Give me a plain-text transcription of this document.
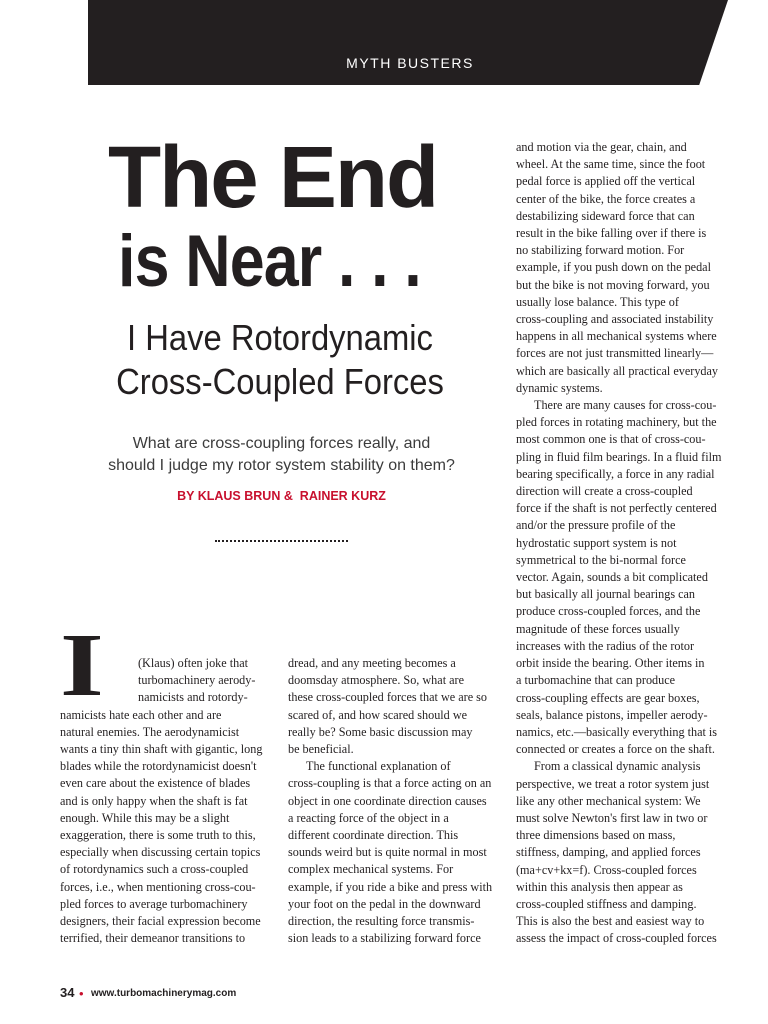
MYTH BUSTERS
The End
is Near . . .
I Have Rotordynamic
Cross-Coupled Forces
What are cross-coupling forces really, and
should I judge my rotor system stability on them?
BY KLAUS BRUN &  RAINER KURZ
I	(Klaus) often joke that
turbomachinery aerody-
namicists and rotordy-
namicists hate each other and are
natural enemies. The aerodynamicist
wants a tiny thin shaft with gigantic, long
blades while the rotordynamicist doesn't
even care about the existence of blades
and is only happy when the shaft is fat
enough. While this may be a slight
exaggeration, there is some truth to this,
especially when discussing certain topics
of rotordynamics such a cross-coupled
forces, i.e., when mentioning cross-cou-
pled forces to average turbomachinery
designers, their facial expression become
terrified, their demeanor transitions to
dread, and any meeting becomes a
doomsday atmosphere. So, what are
these cross-coupled forces that we are so
scared of, and how scared should we
really be? Some basic discussion may
be beneficial.
The functional explanation of
cross-coupling is that a force acting on an
object in one coordinate direction causes
a reacting force of the object in a
different coordinate direction. This
sounds weird but is quite normal in most
complex mechanical systems. For
example, if you ride a bike and press with
your foot on the pedal in the downward
direction, the resulting force transmis-
sion leads to a stabilizing forward force
and motion via the gear, chain, and
wheel. At the same time, since the foot
pedal force is applied off the vertical
center of the bike, the force creates a
destabilizing sideward force that can
result in the bike falling over if there is
no stabilizing forward motion. For
example, if you push down on the pedal
but the bike is not moving forward, you
usually lose balance. This type of
cross-coupling and associated instability
happens in all mechanical systems where
forces are not just transmitted linearly—
which are basically all practical everyday
dynamic systems.
There are many causes for cross-cou-
pled forces in rotating machinery, but the
most common one is that of cross-cou-
pling in fluid film bearings. In a fluid film
bearing specifically, a force in any radial
direction will create a cross-coupled
force if the shaft is not perfectly centered
and/or the pressure profile of the
hydrostatic support system is not
symmetrical to the bi-normal force
vector. Again, sounds a bit complicated
but basically all journal bearings can
produce cross-coupled forces, and the
magnitude of these forces usually
increases with the radius of the rotor
orbit inside the bearing. Other items in
a turbomachine that can produce
cross-coupling effects are gear boxes,
seals, balance pistons, impeller aerody-
namics, etc.—basically everything that is
connected or creates a force on the shaft.
From a classical dynamic analysis
perspective, we treat a rotor system just
like any other mechanical system: We
must solve Newton's first law in two or
three dimensions based on mass,
stiffness, damping, and applied forces
(ma+cv+kx=f). Cross-coupled forces
within this analysis then appear as
cross-coupled stiffness and damping.
This is also the best and easiest way to
assess the impact of cross-coupled forces
34 • www.turbomachinerymag.com
